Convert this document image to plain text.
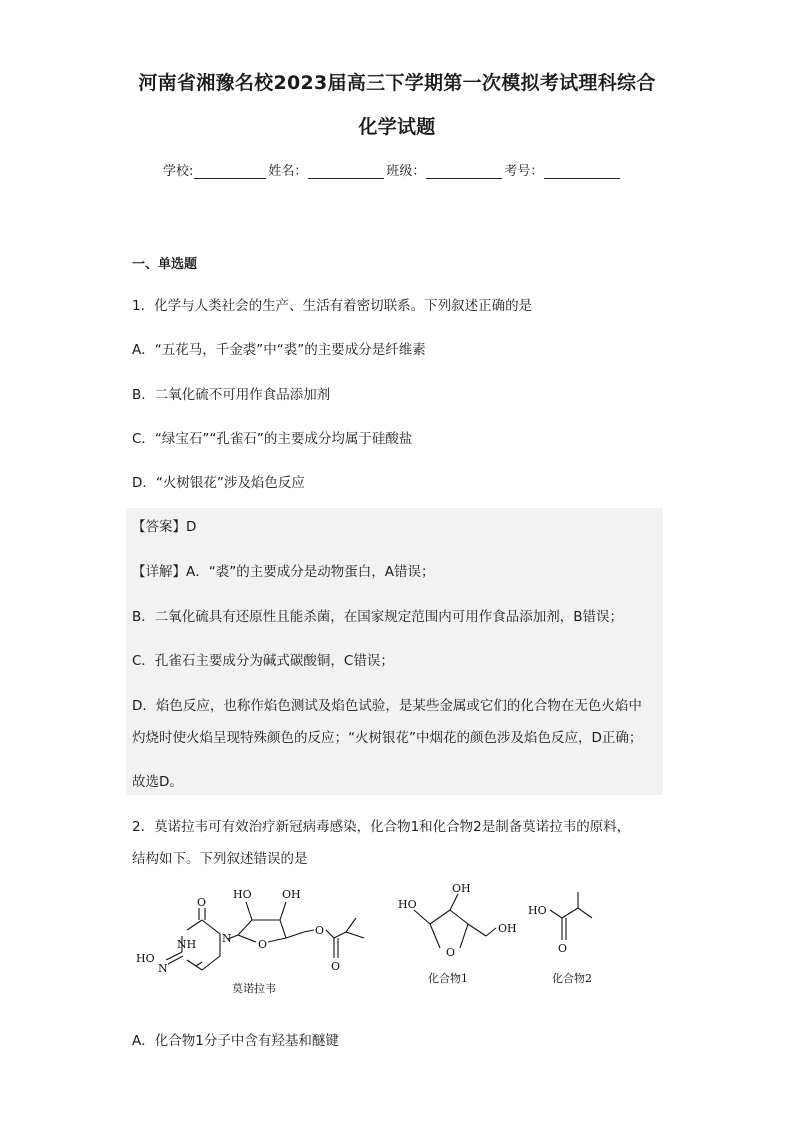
河南省湘豫名校2023届高三下学期第一次模拟考试理科综合
化学试题
学校:	姓名：	班级：	考号：
一、单选题
1．化学与人类社会的生产、生活有着密切联系。下列叙述正确的是
A．“五花马，千金裘”中“裘”的主要成分是纤维素
B．二氧化硫不可用作食品添加剂
C．“绿宝石”“孔雀石”的主要成分均属于硅酸盐
D．“火树银花”涉及焰色反应
【答案】D
【详解】A．“裘”的主要成分是动物蛋白，A错误；
B．二氧化硫具有还原性且能杀菌，在国家规定范围内可用作食品添加剂，B错误；
C．孔雀石主要成分为碱式碳酸铜，C错误；
D．焰色反应，也称作焰色测试及焰色试验，是某些金属或它们的化合物在无色火焰中
灼烧时使火焰呈现特殊颜色的反应；“火树银花”中烟花的颜色涉及焰色反应，D正确；
故选D。
2．莫诺拉韦可有效治疗新冠病毒感染，化合物1和化合物2是制备莫诺拉韦的原料，
结构如下。下列叙述错误的是
O
NH N
N
HO
HO	OH
O
O
O
HO
OH
O
OH
HO
O
莫诺拉韦
化合物1	化合物2
A．化合物1分子中含有羟基和醚键
